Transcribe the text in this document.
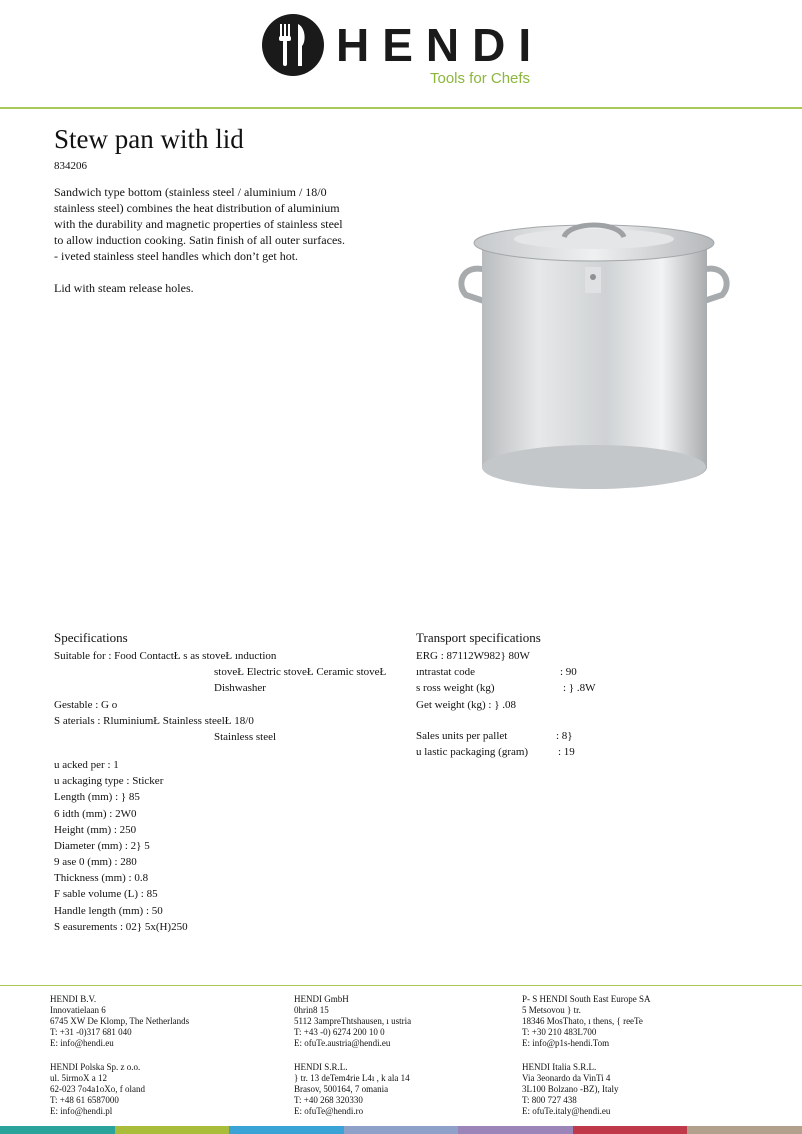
HENDI
Tools for Chefs
Stew pan with lid
834206

Sandwich type bottom (stainless steel / aluminium / 18/0
stainless steel) combines the heat distribution of aluminium
with the durability and magnetic properties of stainless steel
to allow induction cooking. Satin finish of all outer surfaces.
- iveted stainless steel handles which don’t get hot.

Lid with steam release holes.

Specifications
Suitable for : Food ContactŁ s as stoveŁ ınduction
stoveŁ Electric stoveŁ Ceramic stoveŁ
Dishwasher
Gestable : G o
S aterials : RluminiumŁ Stainless steelŁ 18/0
Stainless steel
u acked per : 1
u ackaging type : Sticker
Length (mm) : } 85
6 idth (mm) : 2W0
Height (mm) : 250
Diameter (mm) : 2} 5
9 ase 0 (mm) : 280
Thickness (mm) : 0.8
F sable volume (L) : 85
Handle length (mm) : 50
S easurements : 02} 5x(H)250
Transport specifications
ERG : 87112W982} 80W
ıntrastat code	: 90
s ross weight (kg)	: } .8W
Get weight (kg) : } .08
Sales units per pallet	: 8}
u lastic packaging (gram)	: 19
HENDI B.V.
Innovatielaan 6
6745 XW De Klomp, The Netherlands
T: +31 -0)317 681 040
E: info@hendi.eu
HENDI GmbH
0hrin8 15
5112 3ampreThtshausen, ı ustria
T: +43 -0) 6274 200 10 0
E: ofuTe.austria@hendi.eu
P- S HENDI South East Europe SA
5 Metsovou } tr.
18346 MosThato, ı thens, { reeTe
T: +30 210 483L700
E: info@p1s-hendi.Tom
HENDI Polska Sp. z o.o.
ul. 5irmoX a 12
62-023 7o4a1oXo, f oland
T: +48 61 6587000
E: info@hendi.pl
HENDI S.R.L.
} tr. 13 deTem4rie L4ı , k ala 14
Brasov, 500164, 7 omania
T: +40 268 320330
E: ofuTe@hendi.ro
HENDI Italia S.R.L.
Via 3eonardo da VinTi 4
3L100 Bolzano -BZ), Italy
T: 800 727 438
E: ofuTe.italy@hendi.eu
